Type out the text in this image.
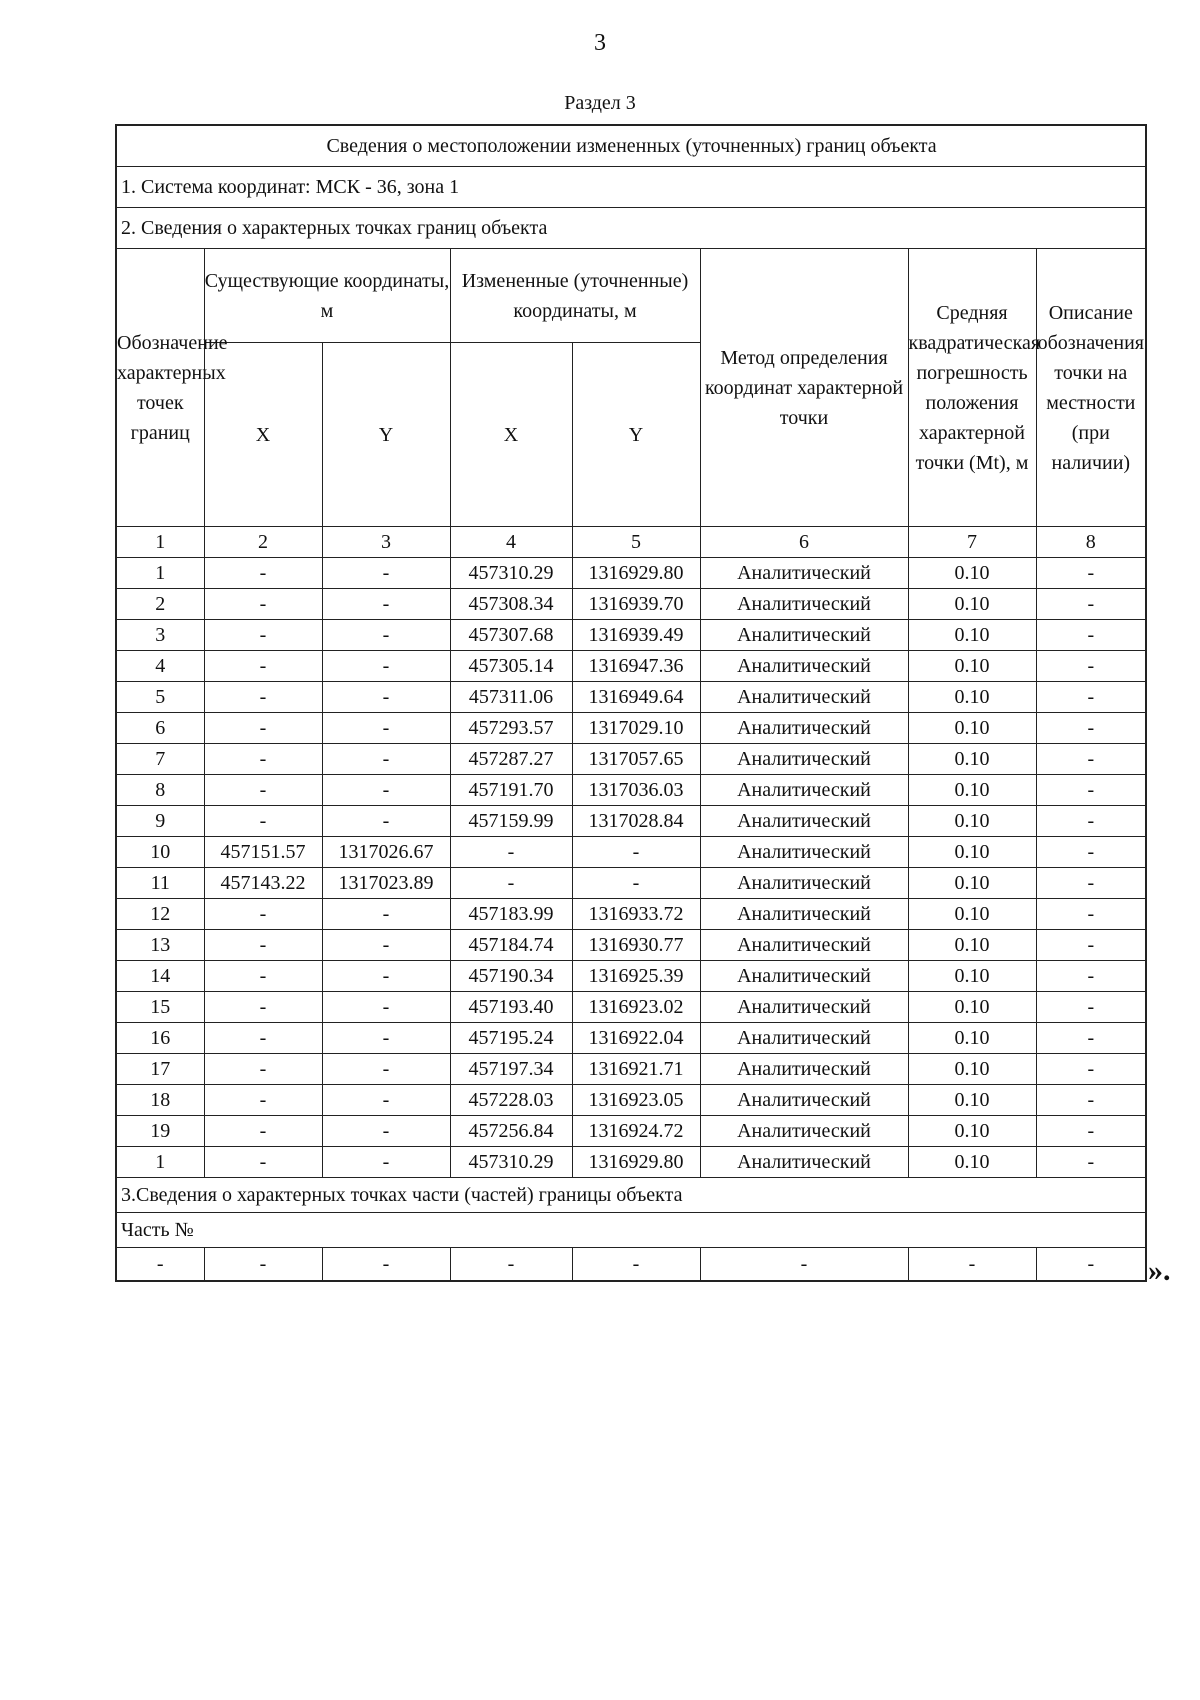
3
Раздел 3
Сведения о местоположении измененных (уточненных) границ объекта							
1. Система координат: МСК - 36, зона 1							
2. Сведения о характерных точках границ объекта							
Обозначение характерных точек границ	Существующие координаты, м		Измененные (уточненные) координаты, м		Метод определения координат характерной точки	Средняя квадратическая погрешность положения характерной точки (Mt), м	Описание обозначения точки на местности (при наличии)
	X	Y	X	Y			
1	2	3	4	5	6	7	8
1	-	-	457310.29	1316929.80	Аналитический	0.10	-
2	-	-	457308.34	1316939.70	Аналитический	0.10	-
3	-	-	457307.68	1316939.49	Аналитический	0.10	-
4	-	-	457305.14	1316947.36	Аналитический	0.10	-
5	-	-	457311.06	1316949.64	Аналитический	0.10	-
6	-	-	457293.57	1317029.10	Аналитический	0.10	-
7	-	-	457287.27	1317057.65	Аналитический	0.10	-
8	-	-	457191.70	1317036.03	Аналитический	0.10	-
9	-	-	457159.99	1317028.84	Аналитический	0.10	-
10	457151.57	1317026.67	-	-	Аналитический	0.10	-
11	457143.22	1317023.89	-	-	Аналитический	0.10	-
12	-	-	457183.99	1316933.72	Аналитический	0.10	-
13	-	-	457184.74	1316930.77	Аналитический	0.10	-
14	-	-	457190.34	1316925.39	Аналитический	0.10	-
15	-	-	457193.40	1316923.02	Аналитический	0.10	-
16	-	-	457195.24	1316922.04	Аналитический	0.10	-
17	-	-	457197.34	1316921.71	Аналитический	0.10	-
18	-	-	457228.03	1316923.05	Аналитический	0.10	-
19	-	-	457256.84	1316924.72	Аналитический	0.10	-
1	-	-	457310.29	1316929.80	Аналитический	0.10	-
3.Сведения о характерных точках части (частей) границы объекта							
Часть №							
-	-	-	-	-	-	-	- ».
